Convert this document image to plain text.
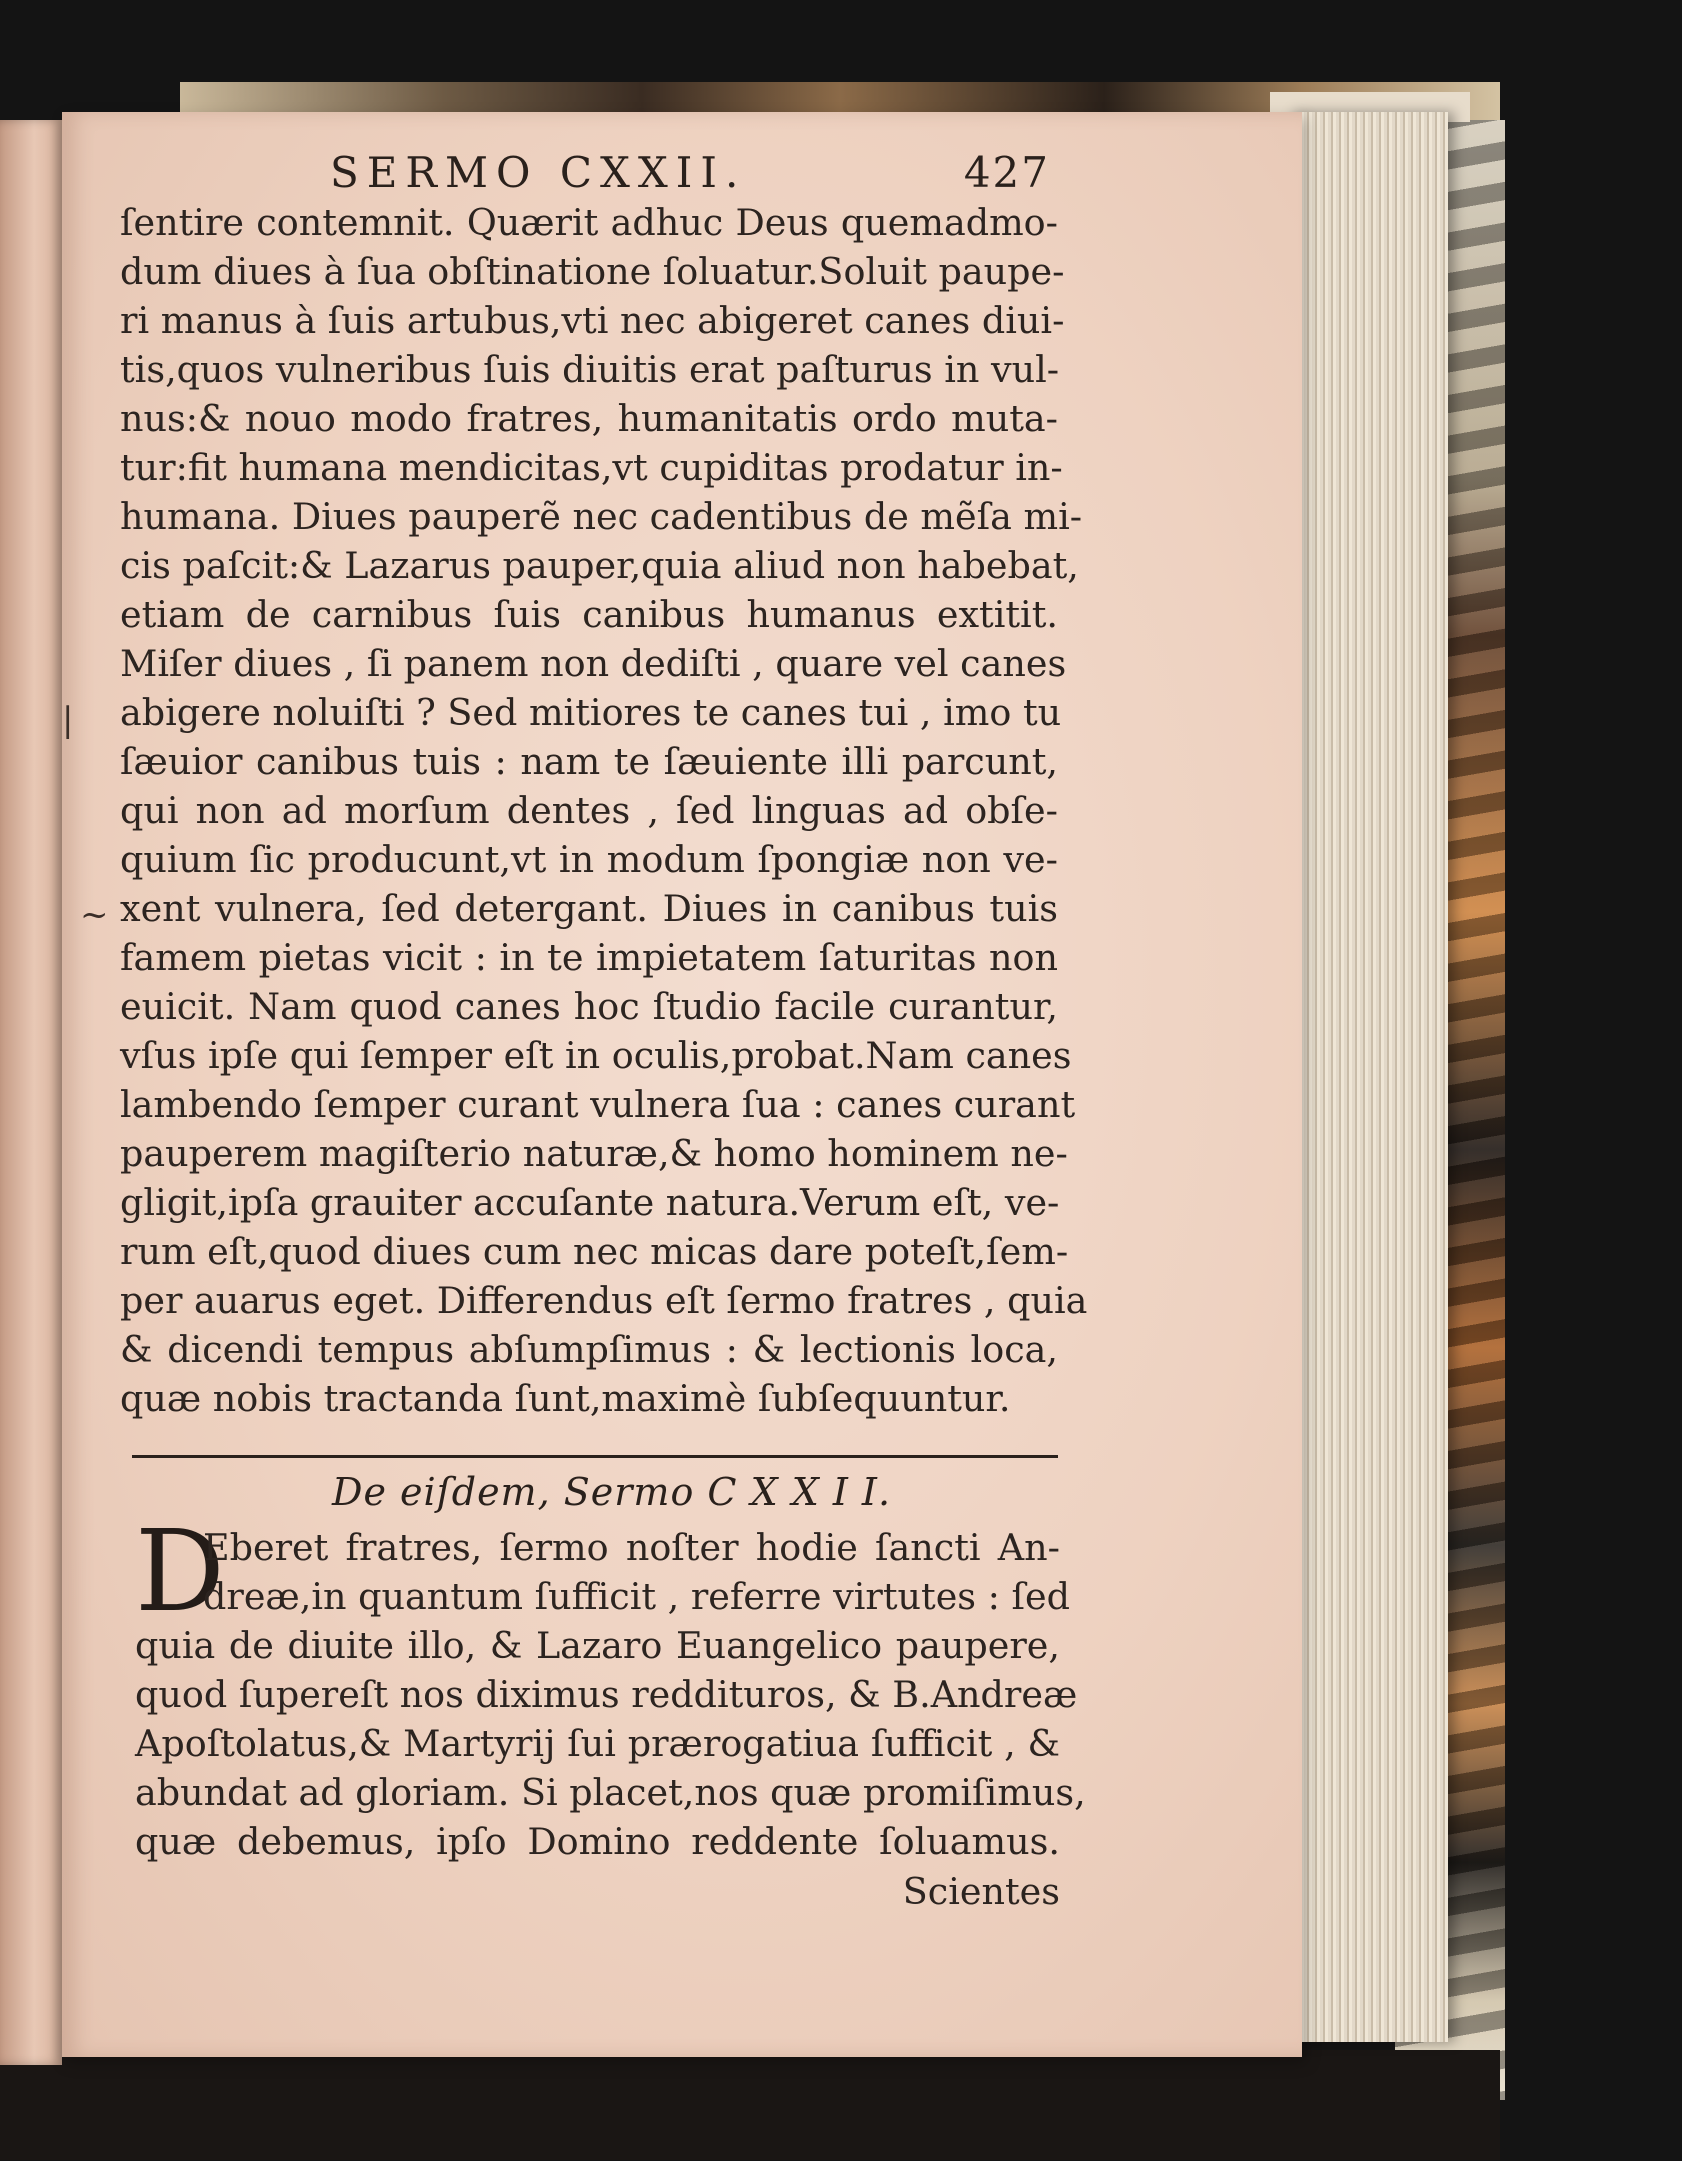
SERMO CXXII.	427
ſentire contemnit. Quærit adhuc Deus quemadmo-
dum diues à ſua obſtinatione ſoluatur.Soluit paupe-
ri manus à ſuis artubus,vti nec abigeret canes diui-
tis,quos vulneribus ſuis diuitis erat paſturus in vul-
nus:& nouo modo fratres, humanitatis ordo muta-
tur:fit humana mendicitas,vt cupiditas prodatur in-
humana. Diues pauperẽ nec cadentibus de mẽſa mi-
cis paſcit:& Lazarus pauper,quia aliud non habebat,
etiam de carnibus ſuis canibus humanus extitit.
Miſer diues , ſi panem non dediſti , quare vel canes
abigere noluiſti ? Sed mitiores te canes tui , imo tu
ſæuior canibus tuis : nam te ſæuiente illi parcunt,
qui non ad morſum dentes , ſed linguas ad obſe-
quium ſic producunt,vt in modum ſpongiæ non ve-
xent vulnera, ſed detergant. Diues in canibus tuis
famem pietas vicit : in te impietatem ſaturitas non
euicit. Nam quod canes hoc ſtudio facile curantur,
vſus ipſe qui ſemper eſt in oculis,probat.Nam canes
lambendo ſemper curant vulnera ſua : canes curant
pauperem magiſterio naturæ,& homo hominem ne-
gligit,ipſa grauiter accuſante natura.Verum eſt, ve-
rum eſt,quod diues cum nec micas dare poteſt,ſem-
per auarus eget. Differendus eſt ſermo fratres , quia
& dicendi tempus abſumpſimus : & lectionis loca,
quæ nobis tractanda ſunt,maximè ſubſequuntur.
De eiſdem, Sermo C X X I I.
D
Eberet fratres, ſermo noſter hodie ſancti An-
dreæ,in quantum ſufficit , referre virtutes : ſed
quia de diuite illo, & Lazaro Euangelico paupere,
quod ſupereſt nos diximus reddituros, & B.Andreæ
Apoſtolatus,& Martyrij ſui prærogatiua ſufficit , &
abundat ad gloriam. Si placet,nos quæ promiſimus,
quæ debemus, ipſo Domino reddente ſoluamus.
Scientes
|
~
